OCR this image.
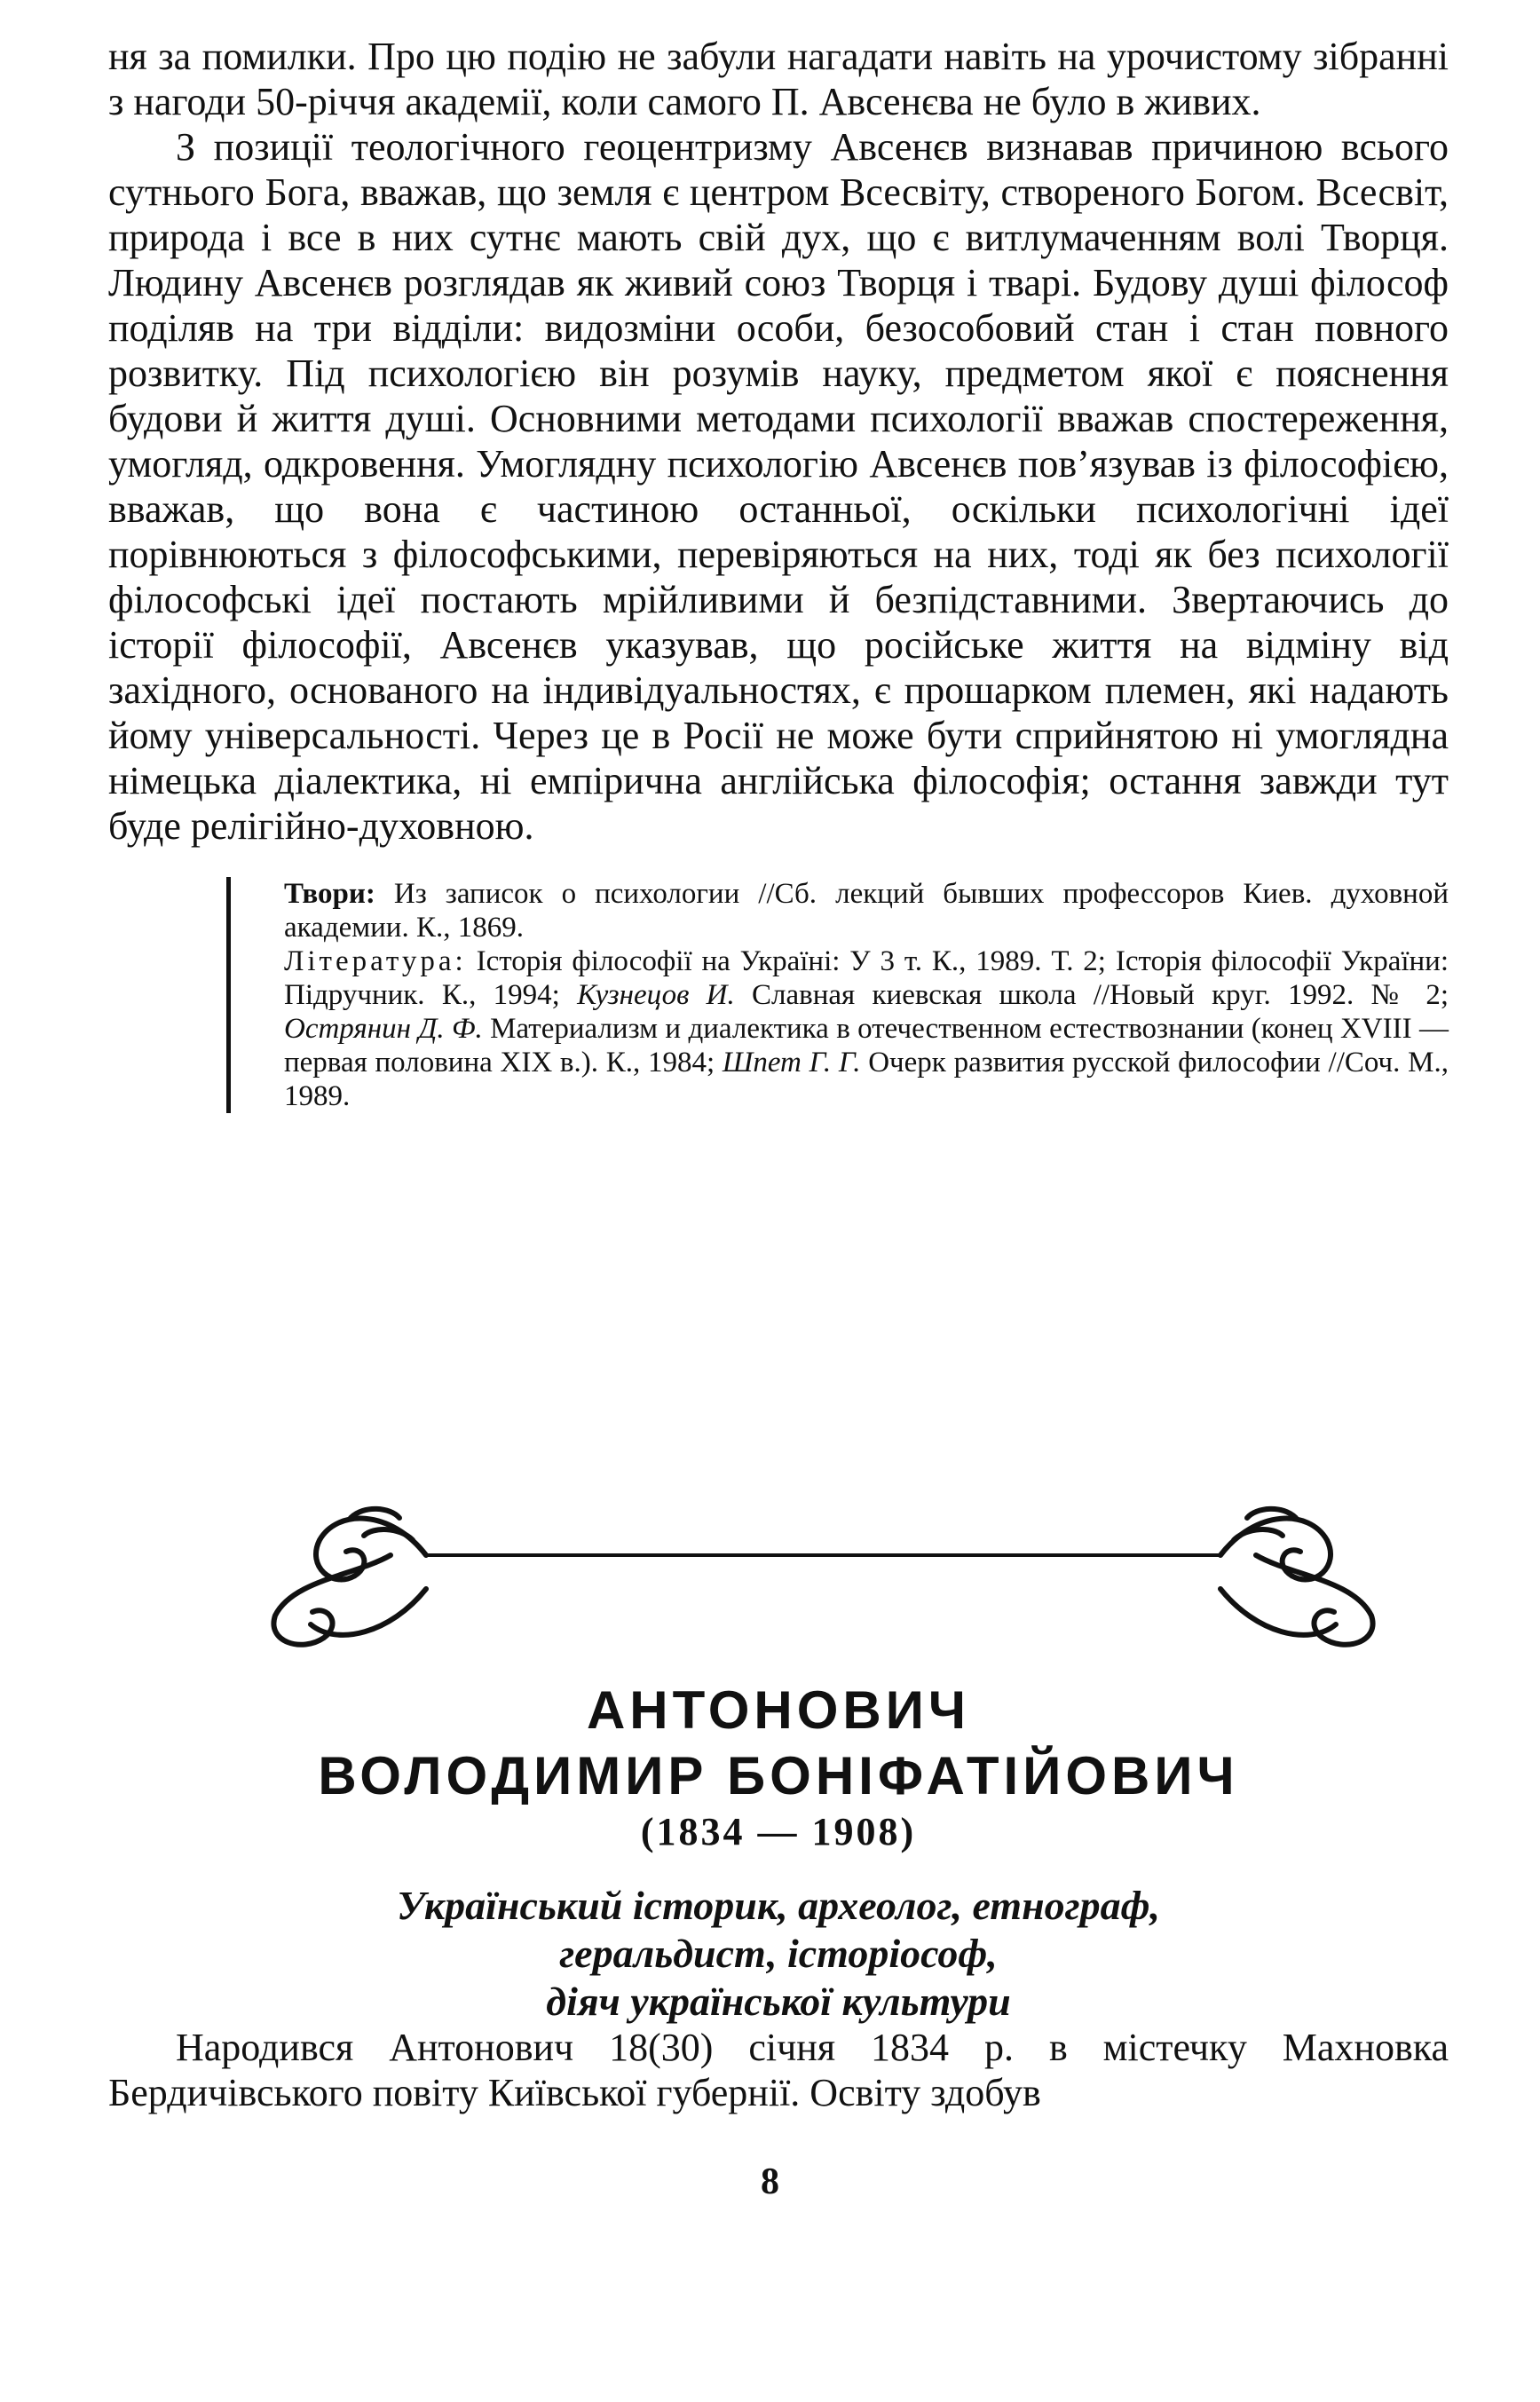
ня за помилки. Про цю подію не забули нагадати навіть на урочистому зібранні з нагоди 50-річчя академії, коли самого П. Авсенєва не було в живих.

З позиції теологічного геоцентризму Авсенєв визнавав причиною всього сутнього Бога, вважав, що земля є центром Всесвіту, створеного Богом. Всесвіт, природа і все в них сутнє мають свій дух, що є витлумаченням волі Творця. Людину Авсенєв розглядав як живий союз Творця і тварі. Будову душі філософ поділяв на три відділи: видозміни особи, безособовий стан і стан повного розвитку. Під психологією він розумів науку, предметом якої є пояснення будови й життя душі. Основними методами психології вважав спостереження, умогляд, одкровення. Умоглядну психологію Авсенєв пов’язував із філософією, вважав, що вона є частиною останньої, оскільки психологічні ідеї порівнюються з філософськими, перевіряються на них, тоді як без психології філософські ідеї постають мрійливими й безпідставними. Звертаючись до історії філософії, Авсенєв указував, що російське життя на відміну від західного, основаного на індивідуальностях, є прошарком племен, які надають йому універсальності. Через це в Росії не може бути сприйнятою ні умоглядна німецька діалектика, ні емпірична англійська філософія; остання завжди тут буде релігійно-духовною.

Твори: Из записок о психологии //Сб. лекций бывших профессоров Киев. духовной академии. К., 1869.

Література: Історія філософії на Україні: У 3 т. К., 1989. Т. 2; Історія філософії України: Підручник. К., 1994; Кузнецов И. Славная киевская школа //Новый круг. 1992. № 2; Острянин Д. Ф. Материализм и диалектика в отечественном естествознании (конец XVIII — первая половина XIX в.). К., 1984; Шпет Г. Г. Очерк развития русской философии //Соч. М., 1989.

АНТОНОВИЧ
ВОЛОДИМИР БОНІФАТІЙОВИЧ
(1834 — 1908)
Український історик, археолог, етнограф,
геральдист, історіософ,
діяч української культури

Народився Антонович 18(30) січня 1834 р. в містечку Махновка Бердичівського повіту Київської губернії. Освіту здобув

8
